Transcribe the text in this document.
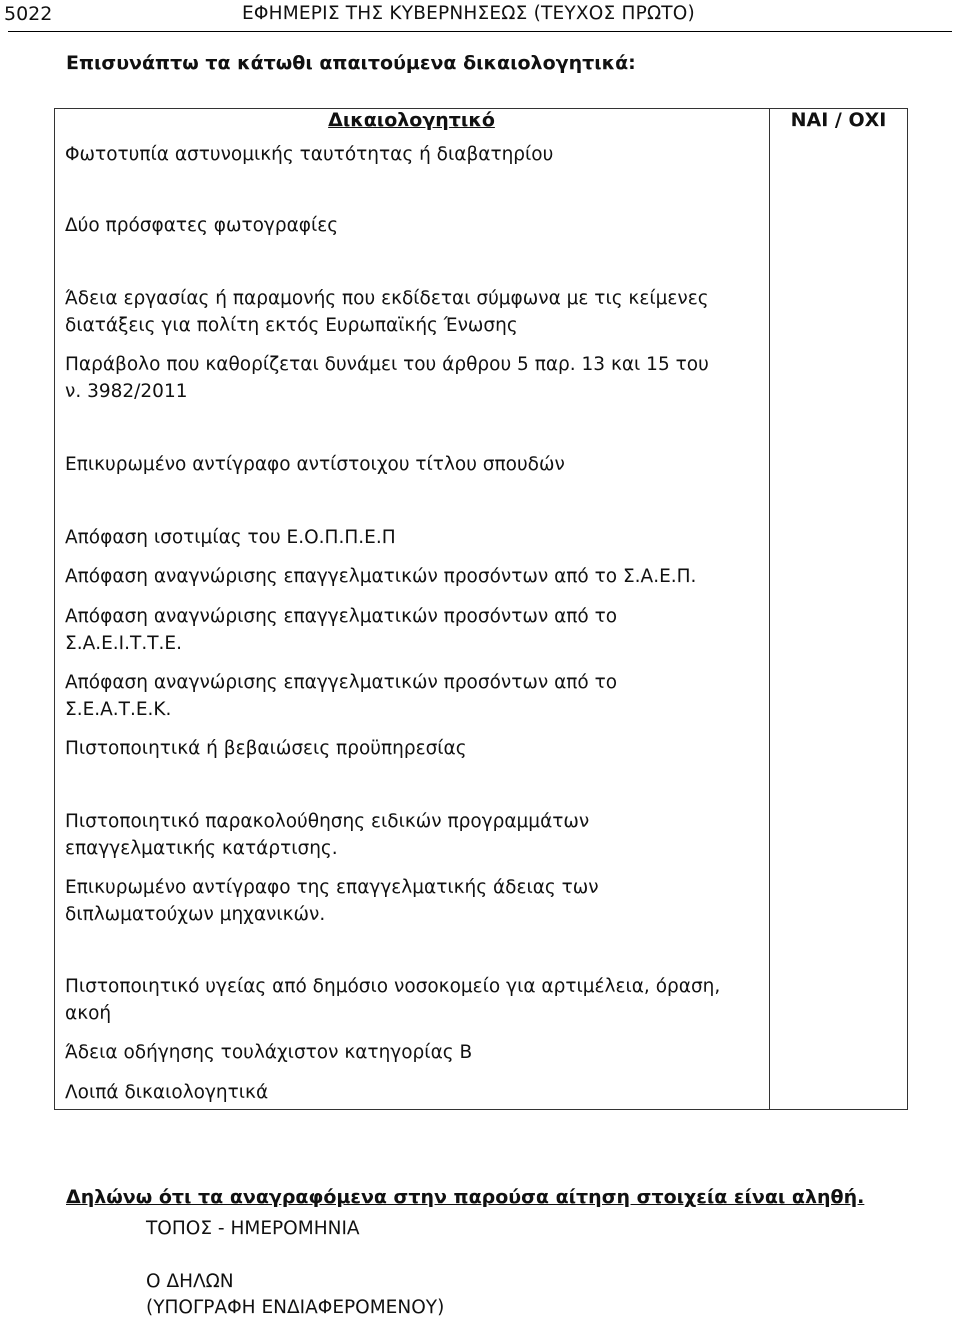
5022	ΕΦΗΜΕΡΙΣ ΤΗΣ ΚΥΒΕΡΝΗΣΕΩΣ (ΤΕΥΧΟΣ ΠΡΩΤΟ)
Επισυνάπτω τα κάτωθι απαιτούμενα δικαιολογητικά:
Δικαιολογητικό	ΝΑΙ / ΟΧΙ
Φωτοτυπία αστυνομικής ταυτότητας ή διαβατηρίου
Δύο πρόσφατες φωτογραφίες
Άδεια εργασίας ή παραμονής που εκδίδεται σύμφωνα με τις κείμενες
διατάξεις για πολίτη εκτός Ευρωπαϊκής Ένωσης
Παράβολο που καθορίζεται δυνάμει του άρθρου 5 παρ. 13 και 15 του
ν. 3982/2011
Επικυρωμένο αντίγραφο αντίστοιχου τίτλου σπουδών
Απόφαση ισοτιμίας του Ε.Ο.Π.Π.Ε.Π
Απόφαση αναγνώρισης επαγγελματικών προσόντων από το Σ.Α.Ε.Π.
Απόφαση αναγνώρισης επαγγελματικών προσόντων από το
Σ.Α.Ε.Ι.Τ.Τ.Ε.
Απόφαση αναγνώρισης επαγγελματικών προσόντων από το
Σ.Ε.Α.Τ.Ε.Κ.
Πιστοποιητικά ή βεβαιώσεις προϋπηρεσίας
Πιστοποιητικό παρακολούθησης ειδικών προγραμμάτων
επαγγελματικής κατάρτισης.
Επικυρωμένο αντίγραφο της επαγγελματικής άδειας των
διπλωματούχων μηχανικών.
Πιστοποιητικό υγείας από δημόσιο νοσοκομείο για αρτιμέλεια, όραση,
ακοή
Άδεια οδήγησης τουλάχιστον κατηγορίας Β
Λοιπά δικαιολογητικά
Δηλώνω ότι τα αναγραφόμενα στην παρούσα αίτηση στοιχεία είναι αληθή.
ΤΟΠΟΣ - ΗΜΕΡΟΜΗΝΙΑ
Ο ΔΗΛΩΝ
(ΥΠΟΓΡΑΦΗ ΕΝΔΙΑΦΕΡΟΜΕΝΟΥ)
